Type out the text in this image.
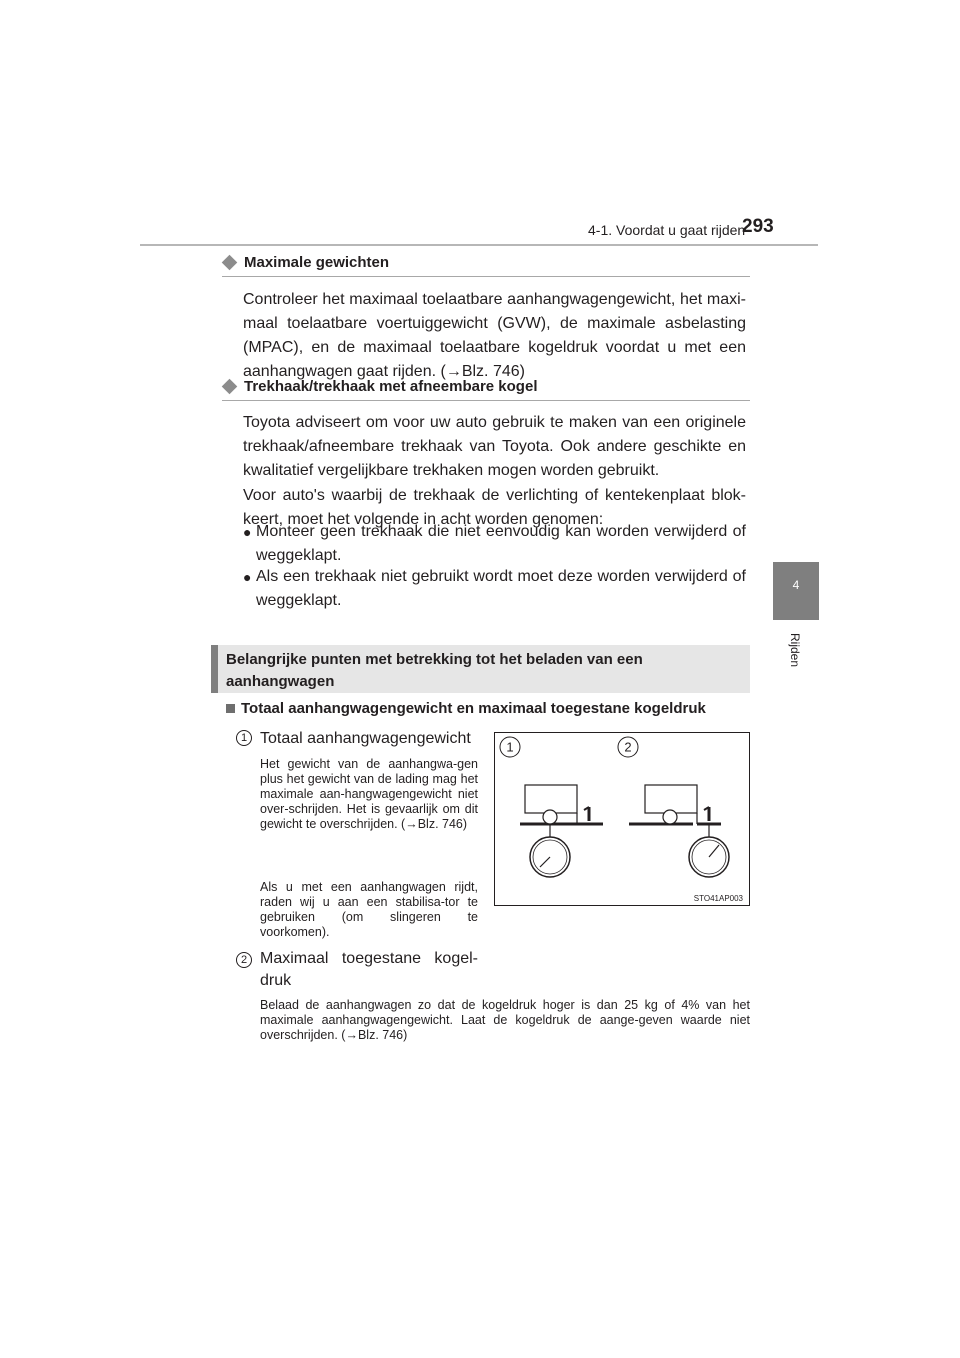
4-1. Voordat u gaat rijden
293
4
Rijden
Maximale gewichten
Controleer het maximaal toelaatbare aanhangwagengewicht, het maxi-maal toelaatbare voertuiggewicht (GVW), de maximale asbelasting (MPAC), en de maximaal toelaatbare kogeldruk voordat u met een aanhangwagen gaat rijden. (→Blz. 746)
Trekhaak/trekhaak met afneembare kogel
Toyota adviseert om voor uw auto gebruik te maken van een originele trekhaak/afneembare trekhaak van Toyota. Ook andere geschikte en kwalitatief vergelijkbare trekhaken mogen worden gebruikt.
Voor auto's waarbij de trekhaak de verlichting of kentekenplaat blok-keert, moet het volgende in acht worden genomen:
● Monteer geen trekhaak die niet eenvoudig kan worden verwijderd of weggeklapt.
● Als een trekhaak niet gebruikt wordt moet deze worden verwijderd of weggeklapt.
Belangrijke punten met betrekking tot het beladen van een aanhangwagen
Totaal aanhangwagengewicht en maximaal toegestane kogeldruk
1 Totaal aanhangwagengewicht
Het gewicht van de aanhangwa-gen plus het gewicht van de lading mag het maximale aan-hangwagengewicht niet over-schrijden. Het is gevaarlijk om dit gewicht te overschrijden. (→Blz. 746)
Als u met een aanhangwagen rijdt, raden wij u aan een stabilisa-tor te gebruiken (om slingeren te voorkomen).
2 Maximaal toegestane kogel-druk
Belaad de aanhangwagen zo dat de kogeldruk hoger is dan 25 kg of 4% van het maximale aanhangwagengewicht. Laat de kogeldruk de aange-geven waarde niet overschrijden. (→Blz. 746)
1	2
STO41AP003
